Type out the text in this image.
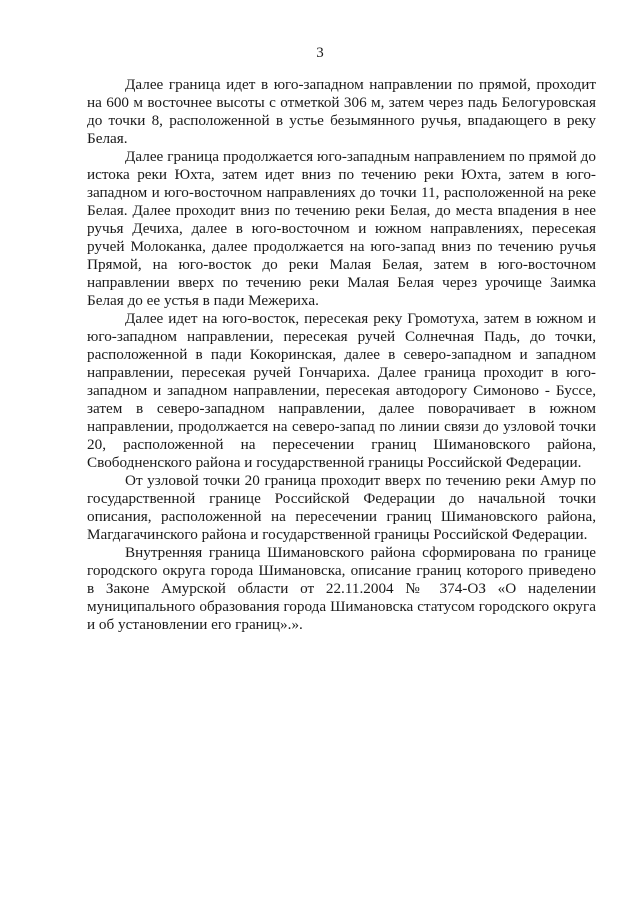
3

Далее граница идет в юго-западном направлении по прямой, проходит на 600 м восточнее высоты с отметкой 306 м, затем через падь Белогуровская до точки 8, расположенной в устье безымянного ручья, впадающего в реку Белая.

Далее граница продолжается юго-западным направлением по прямой до истока реки Юхта, затем идет вниз по течению реки Юхта, затем в юго-западном и юго-восточном направлениях до точки 11, расположенной на реке Белая. Далее проходит вниз по течению реки Белая, до места впадения в нее ручья Дечиха, далее в юго-восточном и южном направлениях, пересекая ручей Молоканка, далее продолжается на юго-запад вниз по течению ручья Прямой, на юго-восток до реки Малая Белая, затем в юго-восточном направлении вверх по течению реки Малая Белая через урочище Заимка Белая до ее устья в пади Межериха.

Далее идет на юго-восток, пересекая реку Громотуха, затем в южном и юго-западном направлении, пересекая ручей Солнечная Падь, до точки, расположенной в пади Кокоринская, далее в северо-западном и западном направлении, пересекая ручей Гончариха. Далее граница проходит в юго-западном и западном направлении, пересекая автодорогу Симоново - Буссе, затем в северо-западном направлении, далее поворачивает в южном направлении, продолжается на северо-запад по линии связи до узловой точки 20, расположенной на пересечении границ Шимановского района, Свободненского района и государственной границы Российской Федерации.

От узловой точки 20 граница проходит вверх по течению реки Амур по государственной границе Российской Федерации до начальной точки описания, расположенной на пересечении границ Шимановского района, Магдагачинского района и государственной границы Российской Федерации.

Внутренняя граница Шимановского района сформирована по границе городского округа города Шимановска, описание границ которого приведено в Законе Амурской области от 22.11.2004 № 374-ОЗ «О наделении муниципального образования города Шимановска статусом городского округа и об установлении его границ».».
